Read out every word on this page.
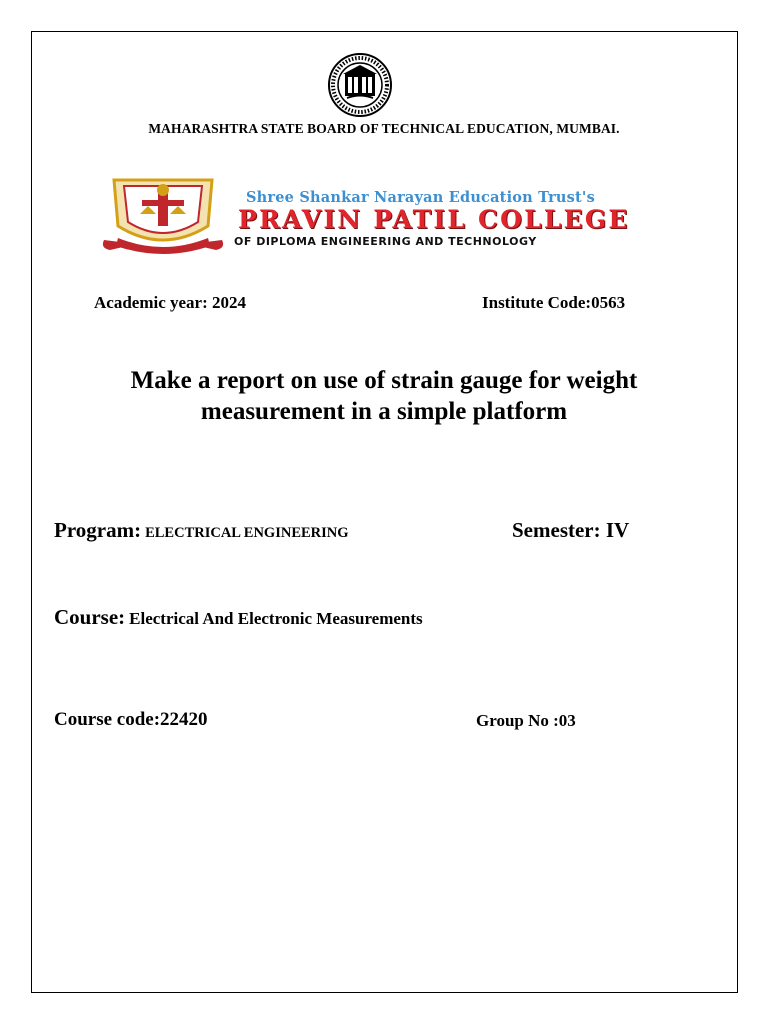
MAHARASHTRA STATE BOARD OF TECHNICAL EDUCATION, MUMBAI.
Shree Shankar Narayan Education Trust's
PRAVIN PATIL COLLEGE
OF DIPLOMA ENGINEERING AND TECHNOLOGY
Academic year: 2024	Institute Code:0563
Make a report on use of strain gauge for weight
measurement in a simple platform
Program: ELECTRICAL ENGINEERING	Semester: IV
Course: Electrical And Electronic Measurements
Course code:22420	Group No :03
